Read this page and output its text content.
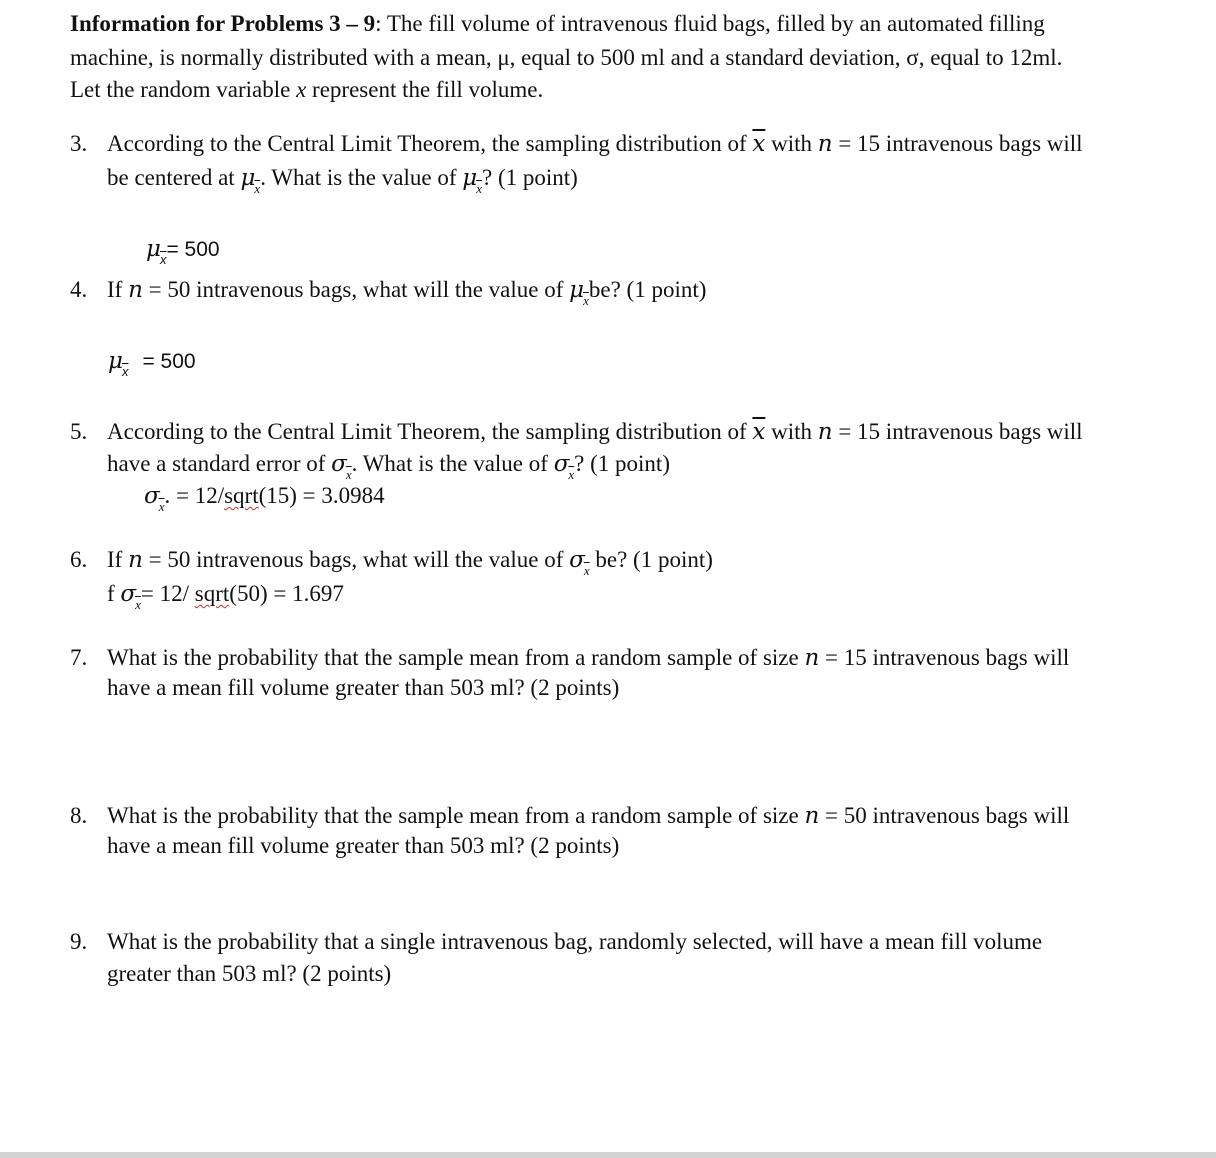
Information for Problems 3 – 9: The fill volume of intravenous fluid bags, filled by an automated filling
machine, is normally distributed with a mean, μ, equal to 500 ml and a standard deviation, σ, equal to 12ml.
Let the random variable x represent the fill volume.
3. According to the Central Limit Theorem, the sampling distribution of $\overline{x}$ with n = 15 intravenous bags will
be centered at $\mu_{\overline{x}}$. What is the value of $\mu_{\overline{x}}$? (1 point)
$\mu_{\overline{x}}= 500$
4. If n = 50 intravenous bags, what will the value of $\mu_{\overline{x}}be$? (1 point)
$\mu_{\overline{x}} = 500$
5. According to the Central Limit Theorem, the sampling distribution of $\overline{x}$ with n = 15 intravenous bags will
have a standard error of $\sigma_{\overline{x}}$. What is the value of $\sigma_{\overline{x}}$? (1 point)
$\sigma_{\overline{x}}$. = 12/sqrt(15) = 3.0984
6. If n = 50 intravenous bags, what will the value of $\sigma_{\overline{x}}$ be? (1 point)
f $\sigma_{\overline{x}}= 12/$ sqrt(50) = 1.697
7. What is the probability that the sample mean from a random sample of size n = 15 intravenous bags will
have a mean fill volume greater than 503 ml? (2 points)
8. What is the probability that the sample mean from a random sample of size n = 50 intravenous bags will
have a mean fill volume greater than 503 ml? (2 points)
9. What is the probability that a single intravenous bag, randomly selected, will have a mean fill volume
greater than 503 ml? (2 points)
